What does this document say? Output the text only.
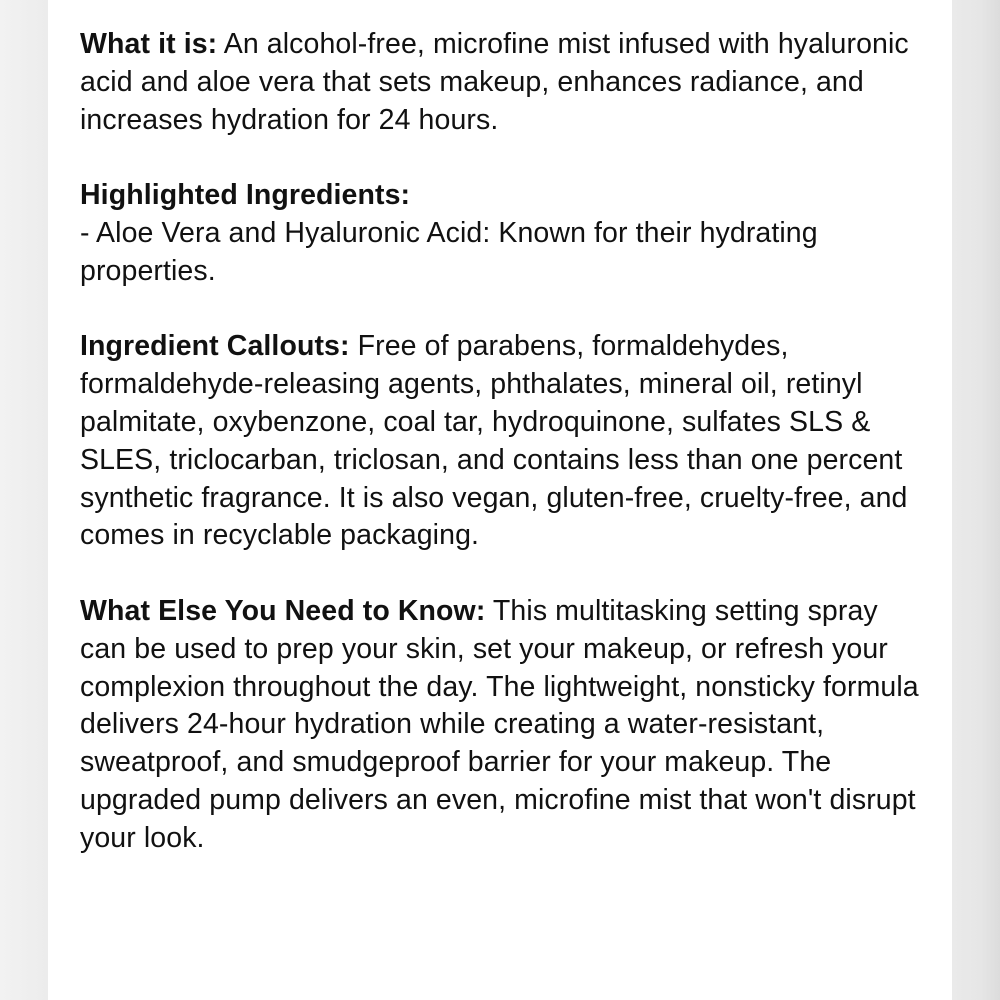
What it is: An alcohol-free, microfine mist infused with hyaluronic acid and aloe vera that sets makeup, enhances radiance, and increases hydration for 24 hours.

Highlighted Ingredients:
- Aloe Vera and Hyaluronic Acid: Known for their hydrating properties.

Ingredient Callouts: Free of parabens, formaldehydes, formaldehyde-releasing agents, phthalates, mineral oil, retinyl palmitate, oxybenzone, coal tar, hydroquinone, sulfates SLS & SLES, triclocarban, triclosan, and contains less than one percent synthetic fragrance. It is also vegan, gluten-free, cruelty-free, and comes in recyclable packaging.

What Else You Need to Know: This multitasking setting spray can be used to prep your skin, set your makeup, or refresh your complexion throughout the day. The lightweight, nonsticky formula delivers 24-hour hydration while creating a water-resistant, sweatproof, and smudgeproof barrier for your makeup. The upgraded pump delivers an even, microfine mist that won't disrupt your look.
